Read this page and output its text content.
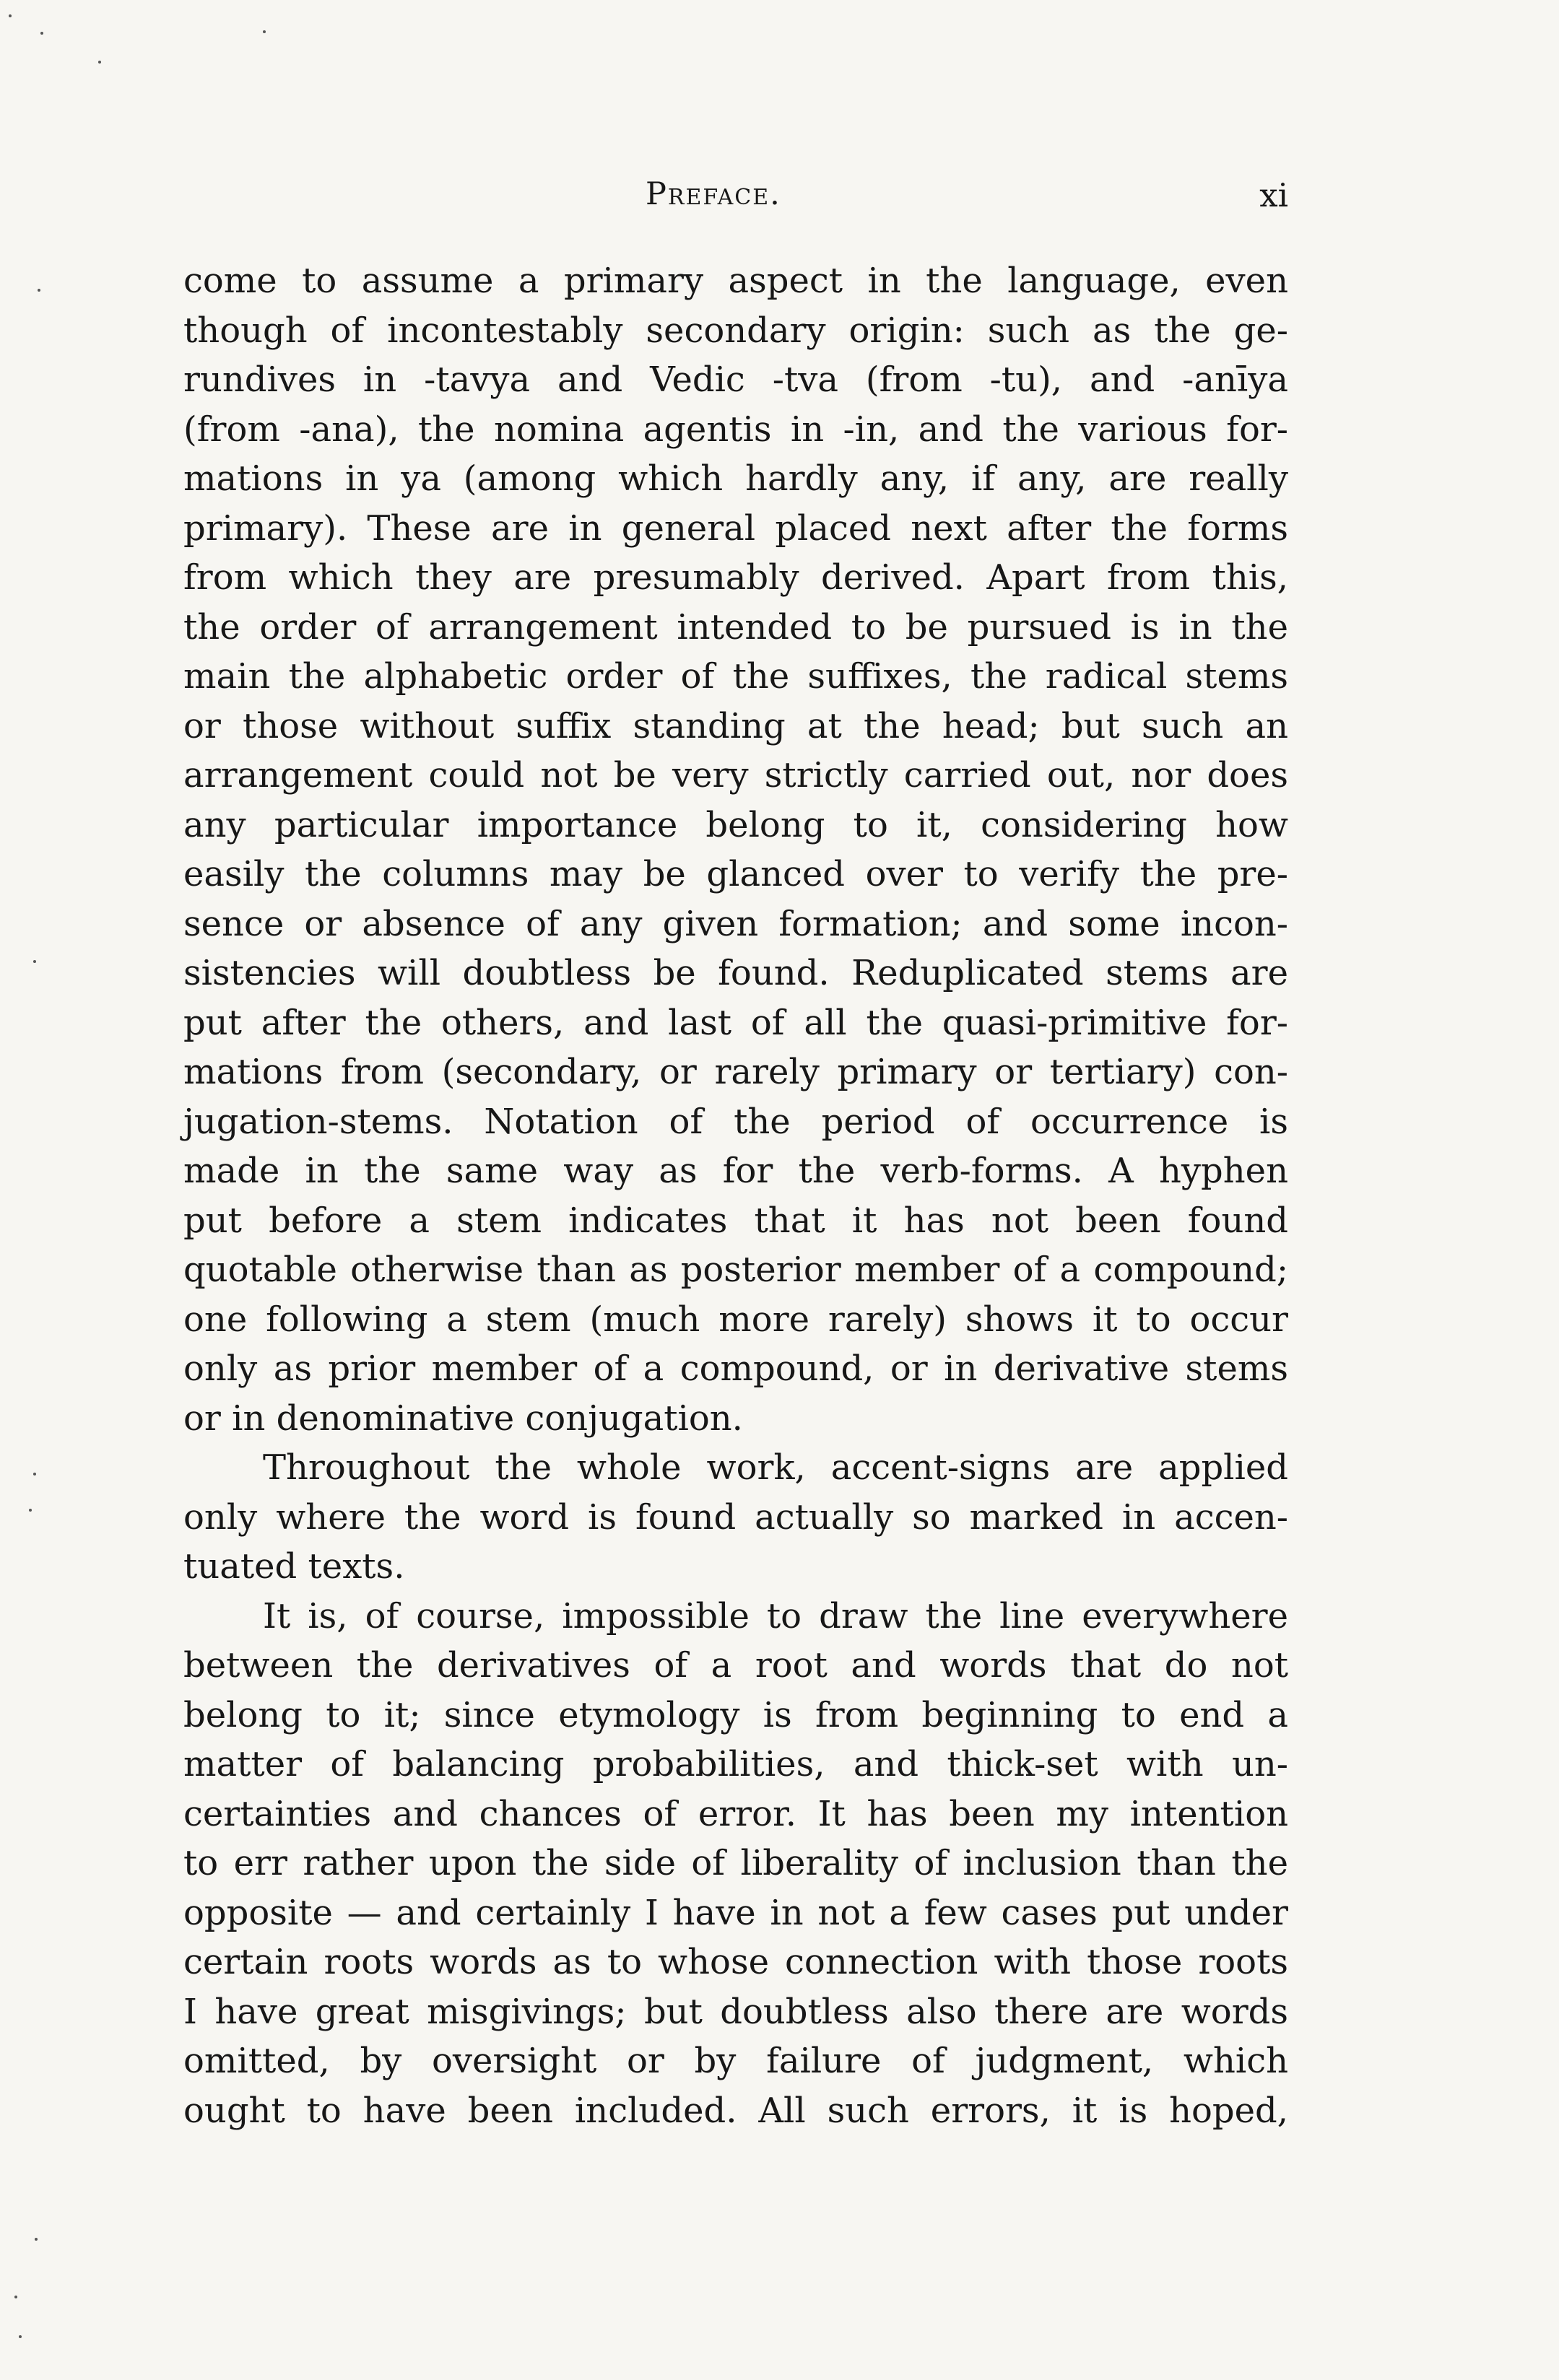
Preface.	xi
come to assume a primary aspect in the language, even
though of incontestably secondary origin: such as the ge-
rundives in -tavya and Vedic -tva (from -tu), and -anīya
(from -ana), the nomina agentis in -in, and the various for-
mations in ya (among which hardly any, if any, are really
primary). These are in general placed next after the forms
from which they are presumably derived. Apart from this,
the order of arrangement intended to be pursued is in the
main the alphabetic order of the suffixes, the radical stems
or those without suffix standing at the head; but such an
arrangement could not be very strictly carried out, nor does
any particular importance belong to it, considering how
easily the columns may be glanced over to verify the pre-
sence or absence of any given formation; and some incon-
sistencies will doubtless be found. Reduplicated stems are
put after the others, and last of all the quasi-primitive for-
mations from (secondary, or rarely primary or tertiary) con-
jugation-stems. Notation of the period of occurrence is
made in the same way as for the verb-forms. A hyphen
put before a stem indicates that it has not been found
quotable otherwise than as posterior member of a compound;
one following a stem (much more rarely) shows it to occur
only as prior member of a compound, or in derivative stems
or in denominative conjugation.
Throughout the whole work, accent-signs are applied
only where the word is found actually so marked in accen-
tuated texts.
It is, of course, impossible to draw the line everywhere
between the derivatives of a root and words that do not
belong to it; since etymology is from beginning to end a
matter of balancing probabilities, and thick-set with un-
certainties and chances of error. It has been my intention
to err rather upon the side of liberality of inclusion than the
opposite — and certainly I have in not a few cases put under
certain roots words as to whose connection with those roots
I have great misgivings; but doubtless also there are words
omitted, by oversight or by failure of judgment, which
ought to have been included. All such errors, it is hoped,
